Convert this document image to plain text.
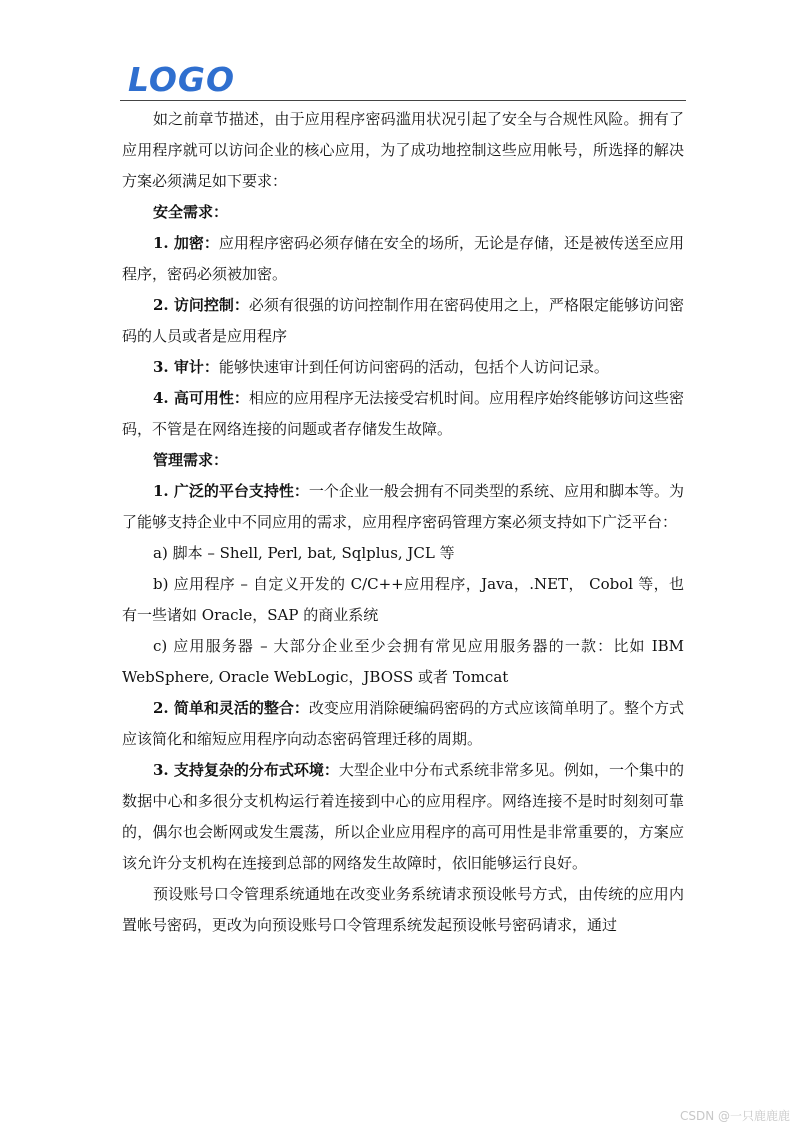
LOGO

如之前章节描述，由于应用程序密码滥用状况引起了安全与合规性风险。拥有了应用程序就可以访问企业的核心应用，为了成功地控制这些应用帐号，所选择的解决方案必须满足如下要求：

安全需求：

1. 加密：应用程序密码必须存储在安全的场所，无论是存储，还是被传送至应用程序，密码必须被加密。

2. 访问控制：必须有很强的访问控制作用在密码使用之上，严格限定能够访问密码的人员或者是应用程序

3. 审计：能够快速审计到任何访问密码的活动，包括个人访问记录。

4. 高可用性：相应的应用程序无法接受宕机时间。应用程序始终能够访问这些密码，不管是在网络连接的问题或者存储发生故障。

管理需求：

1. 广泛的平台支持性：一个企业一般会拥有不同类型的系统、应用和脚本等。为了能够支持企业中不同应用的需求，应用程序密码管理方案必须支持如下广泛平台：

a) 脚本 – Shell, Perl, bat, Sqlplus, JCL 等

b) 应用程序 – 自定义开发的 C/C++应用程序，Java，.NET， Cobol 等，也有一些诸如 Oracle，SAP 的商业系统

c) 应用服务器 – 大部分企业至少会拥有常见应用服务器的一款：比如 IBM WebSphere, Oracle WebLogic，JBOSS 或者 Tomcat

2. 简单和灵活的整合：改变应用消除硬编码密码的方式应该简单明了。整个方式应该简化和缩短应用程序向动态密码管理迁移的周期。

3. 支持复杂的分布式环境：大型企业中分布式系统非常多见。例如，一个集中的数据中心和多很分支机构运行着连接到中心的应用程序。网络连接不是时时刻刻可靠的，偶尔也会断网或发生震荡，所以企业应用程序的高可用性是非常重要的，方案应该允许分支机构在连接到总部的网络发生故障时，依旧能够运行良好。

预设账号口令管理系统通地在改变业务系统请求预设帐号方式，由传统的应用内置帐号密码，更改为向预设账号口令管理系统发起预设帐号密码请求，通过

CSDN @一只鹿鹿鹿
